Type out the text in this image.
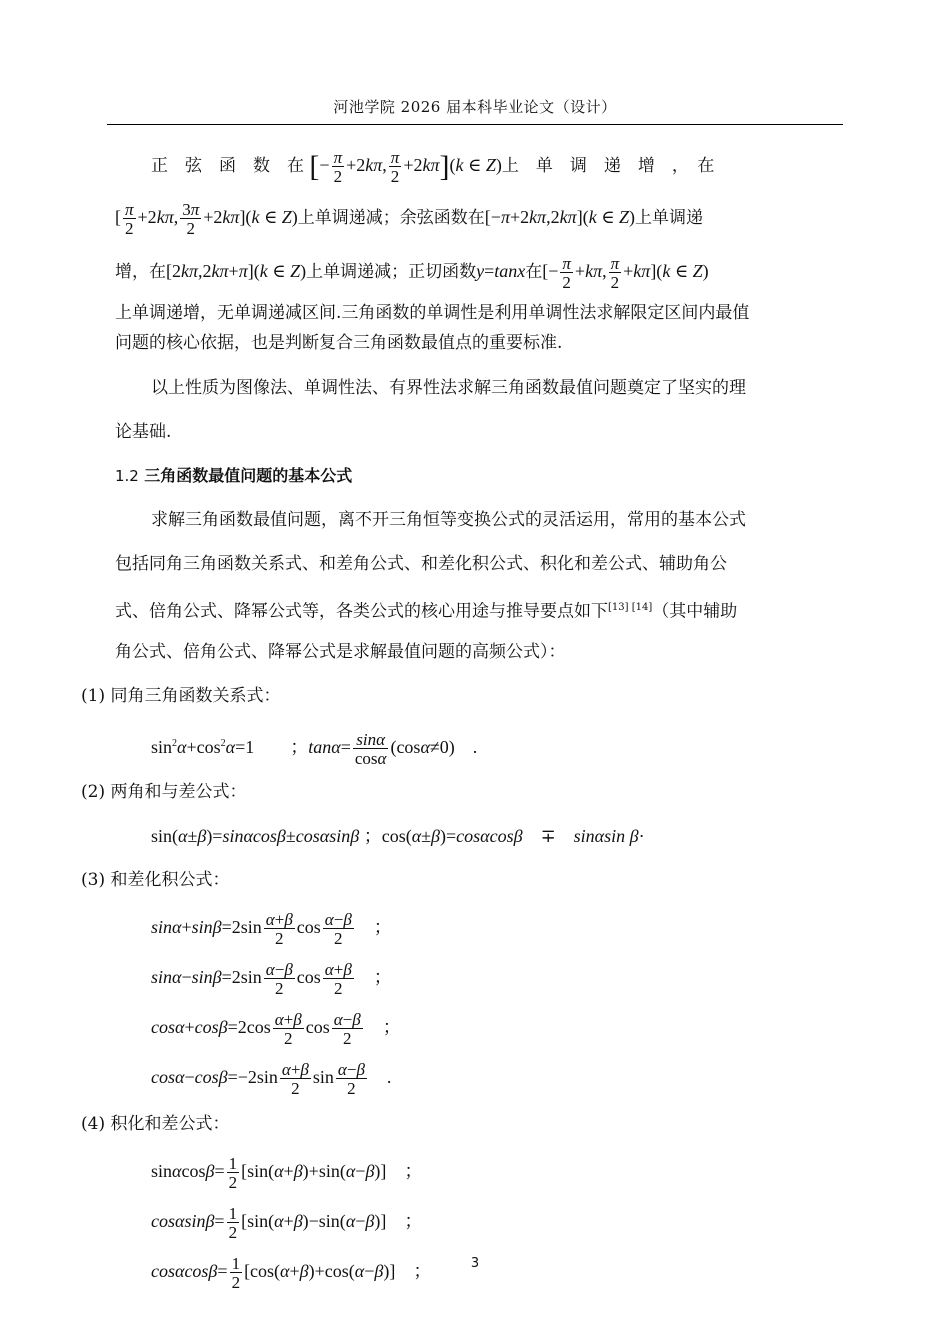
河池学院 2026 届本科毕业论文（设计）
正　弦　函　数　在 [− $\frac{\pi}{2} +2k\pi$, $\frac{\pi}{2} +2k\pi](k$ ∈ Z)上　单　调　递　增　，　在
[ $\frac{\pi}{2} +2k\pi$, $\frac{3\pi}{2} +2k\pi](k$ ∈ Z)上单调递减；余弦函数在[−π+2kπ,2kπ](k ∈ Z)上单调递
增，在[2kπ,2kπ+π](k ∈ Z)上单调递减；正切函数y=tanx在[− $\frac{\pi}{2} +k\pi$, $\frac{\pi}{2} +k\pi](k$ ∈ Z)
上单调递增，无单调递减区间.三角函数的单调性是利用单调性法求解限定区间内最值
问题的核心依据，也是判断复合三角函数最值点的重要标准.
以上性质为图像法、单调性法、有界性法求解三角函数最值问题奠定了坚实的理
论基础.
1.2 三角函数最值问题的基本公式
求解三角函数最值问题，离不开三角恒等变换公式的灵活运用，常用的基本公式
包括同角三角函数关系式、和差角公式、和差化积公式、积化和差公式、辅助角公
式、倍角公式、降幂公式等，各类公式的核心用途与推导要点如下[13] [14]（其中辅助
角公式、倍角公式、降幂公式是求解最值问题的高频公式）：
(1) 同角三角函数关系式：
$\sin^2\alpha+\cos^2\alpha=1$　　；$\tan\alpha= \frac{\sin\alpha}{\cos\alpha} (\cos\alpha\ne 0)$　.
(2) 两角和与差公式：
sin(α±β)=sinαcosβ±cosαsinβ ；cos(α±β)=cosαcosβ　∓　sinαsin β·
(3) 和差化积公式：
$\sin\alpha+\sin\beta=2\sin \frac{\alpha+\beta}{2}$ $\cos \frac{\alpha-\beta}{2}$ 　；
$\sin\alpha-\sin\beta=2\sin \frac{\alpha-\beta}{2}$ $\cos \frac{\alpha+\beta}{2}$ 　；
$\cos\alpha+\cos\beta=2\cos \frac{\alpha+\beta}{2}$ $\cos \frac{\alpha-\beta}{2}$ 　；
$\cos\alpha-\cos\beta=-2\sin \frac{\alpha+\beta}{2}$ $\sin \frac{\alpha-\beta}{2}$ 　.
(4) 积化和差公式：
$\sin\alpha\cos\beta= \frac{1}{2} [\sin(\alpha+\beta)+\sin(\alpha-\beta)]$　；
$\cos\alpha\sin\beta= \frac{1}{2} [\sin(\alpha+\beta)-\sin(\alpha-\beta)]$　；
$\cos\alpha\cos\beta= \frac{1}{2} [\cos(\alpha+\beta)+\cos(\alpha-\beta)]$　；	3
